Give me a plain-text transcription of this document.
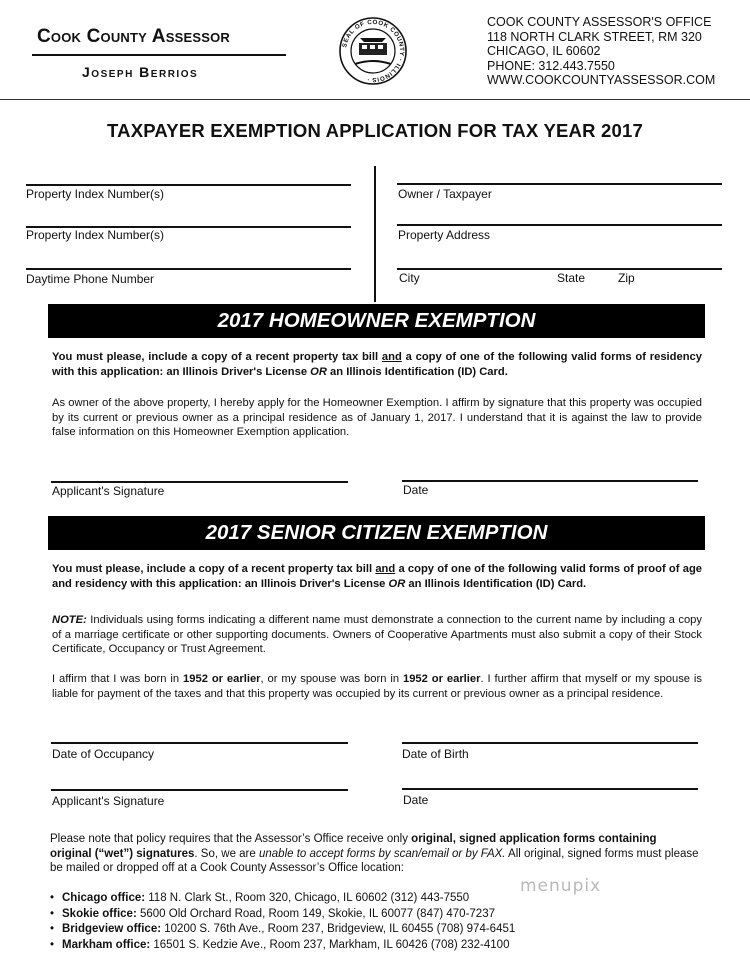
Cook County Assessor
Joseph Berrios
SEAL OF COOK COUNTY · ILLINOIS ·
COOK COUNTY ASSESSOR'S OFFICE
118 NORTH CLARK STREET, RM 320
CHICAGO, IL 60602
PHONE: 312.443.7550
WWW.COOKCOUNTYASSESSOR.COM
TAXPAYER EXEMPTION APPLICATION FOR TAX YEAR 2017
Property Index Number(s)
Property Index Number(s)
Daytime Phone Number
Owner / Taxpayer
Property Address
City	State	Zip
2017 HOMEOWNER EXEMPTION
You must please, include a copy of a recent property tax bill and a copy of one of the following valid forms of residency with this application: an Illinois Driver's License OR an Illinois Identification (ID) Card.
As owner of the above property, I hereby apply for the Homeowner Exemption. I affirm by signature that this property was occupied by its current or previous owner as a principal residence as of January 1, 2017. I understand that it is against the law to provide false information on this Homeowner Exemption application.
Applicant's Signature	Date
2017 SENIOR CITIZEN EXEMPTION
You must please, include a copy of a recent property tax bill and a copy of one of the following valid forms of proof of age and residency with this application: an Illinois Driver's License OR an Illinois Identification (ID) Card.
NOTE: Individuals using forms indicating a different name must demonstrate a connection to the current name by including a copy of a marriage certificate or other supporting documents. Owners of Cooperative Apartments must also submit a copy of their Stock Certificate, Occupancy or Trust Agreement.
I affirm that I was born in 1952 or earlier, or my spouse was born in 1952 or earlier. I further affirm that myself or my spouse is liable for payment of the taxes and that this property was occupied by its current or previous owner as a principal residence.
Date of Occupancy	Date of Birth
Applicant's Signature	Date
Please note that policy requires that the Assessor’s Office receive only original, signed application forms containing original (“wet”) signatures. So, we are unable to accept forms by scan/email or by FAX. All original, signed forms must please be mailed or dropped off at a Cook County Assessor’s Office location:
• Chicago office: 118 N. Clark St., Room 320, Chicago, IL 60602 (312) 443-7550
• Skokie office: 5600 Old Orchard Road, Room 149, Skokie, IL 60077 (847) 470-7237
• Bridgeview office: 10200 S. 76th Ave., Room 237, Bridgeview, IL 60455 (708) 974-6451
• Markham office: 16501 S. Kedzie Ave., Room 237, Markham, IL 60426 (708) 232-4100
menupix
